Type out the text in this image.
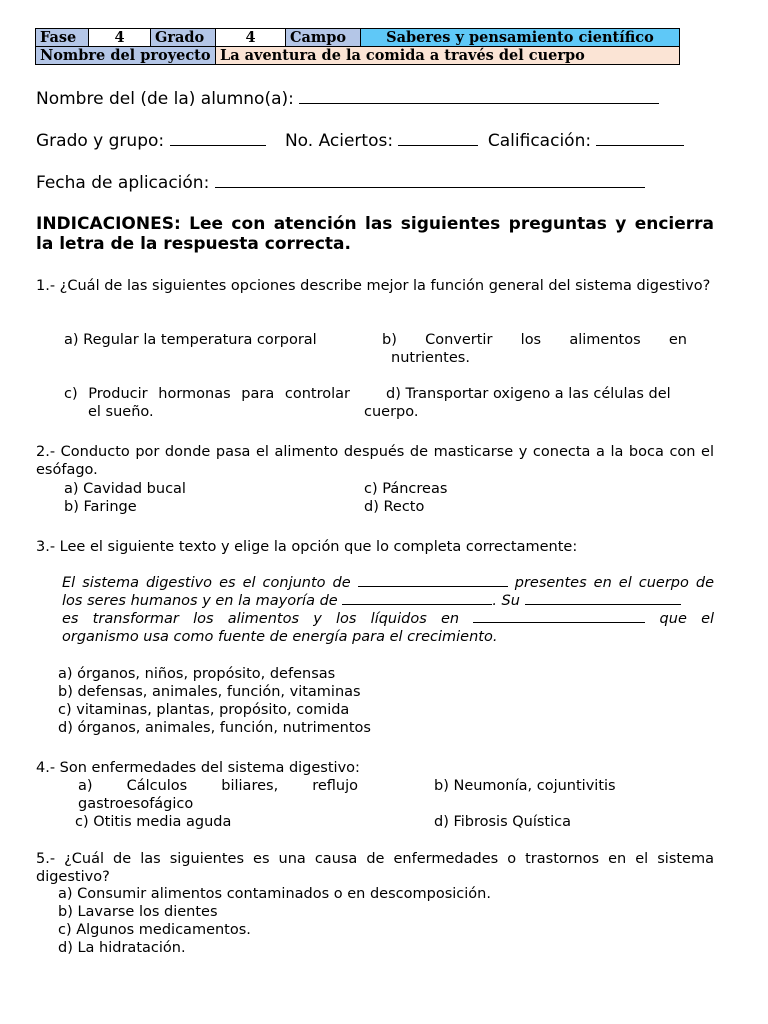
Fase	4	Grado	4	Campo	Saberes y pensamiento científico
Nombre del proyecto			La aventura de la comida a través del cuerpo		
Nombre del (de la) alumno(a):
Grado y grupo:	No. Aciertos:	Calificación:
Fecha de aplicación:
INDICACIONES: Lee con atención las siguientes preguntas y encierra la letra de la respuesta correcta.
1.- ¿Cuál de las siguientes opciones describe mejor la función general del sistema digestivo?
a) Regular la temperatura corporal	b) Convertir los alimentos en
nutrientes.
c) Producir hormonas para controlar
el sueño.
d) Transportar oxigeno a las células del
cuerpo.
2.- Conducto por donde pasa el alimento después de masticarse y conecta a la boca con el esófago.
a) Cavidad bucal
b) Faringe
c) Páncreas
d) Recto
3.- Lee el siguiente texto y elige la opción que lo completa correctamente:
El sistema digestivo es el conjunto de	presentes en el cuerpo de
los seres humanos y en la mayoría de	. Su
es transformar los alimentos y los líquidos en	que el
organismo usa como fuente de energía para el crecimiento.
a) órganos, niños, propósito, defensas
b) defensas, animales, función, vitaminas
c) vitaminas, plantas, propósito, comida
d) órganos, animales, función, nutrimentos
4.- Son enfermedades del sistema digestivo:
a) Cálculos biliares, reflujo
gastroesofágico
b) Neumonía, cojuntivitis
c) Otitis media aguda	d) Fibrosis Quística
5.- ¿Cuál de las siguientes es una causa de enfermedades o trastornos en el sistema digestivo?
a) Consumir alimentos contaminados o en descomposición.
b) Lavarse los dientes
c) Algunos medicamentos.
d) La hidratación.
